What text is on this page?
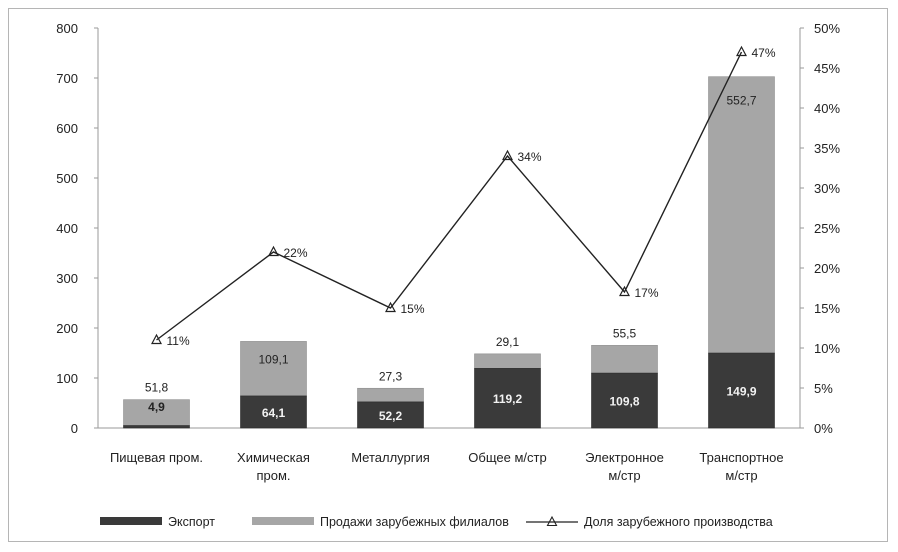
0
100
200
300
400
500
600
700
800
0%
5%
10%
15%
20%
25%
30%
35%
40%
45%
50%
Пищевая пром.	Химическая
пром.
Металлургия	Общее м/стр	Электронное
м/стр
Транспортное
м/стр
4,9
51,8
64,1
109,1
52,2
27,3
119,2
29,1
109,8
55,5
149,9
552,7
11%
22%
15%
34%
17%
47%
Экспорт	Продажи зарубежных филиалов	Доля зарубежного производства
